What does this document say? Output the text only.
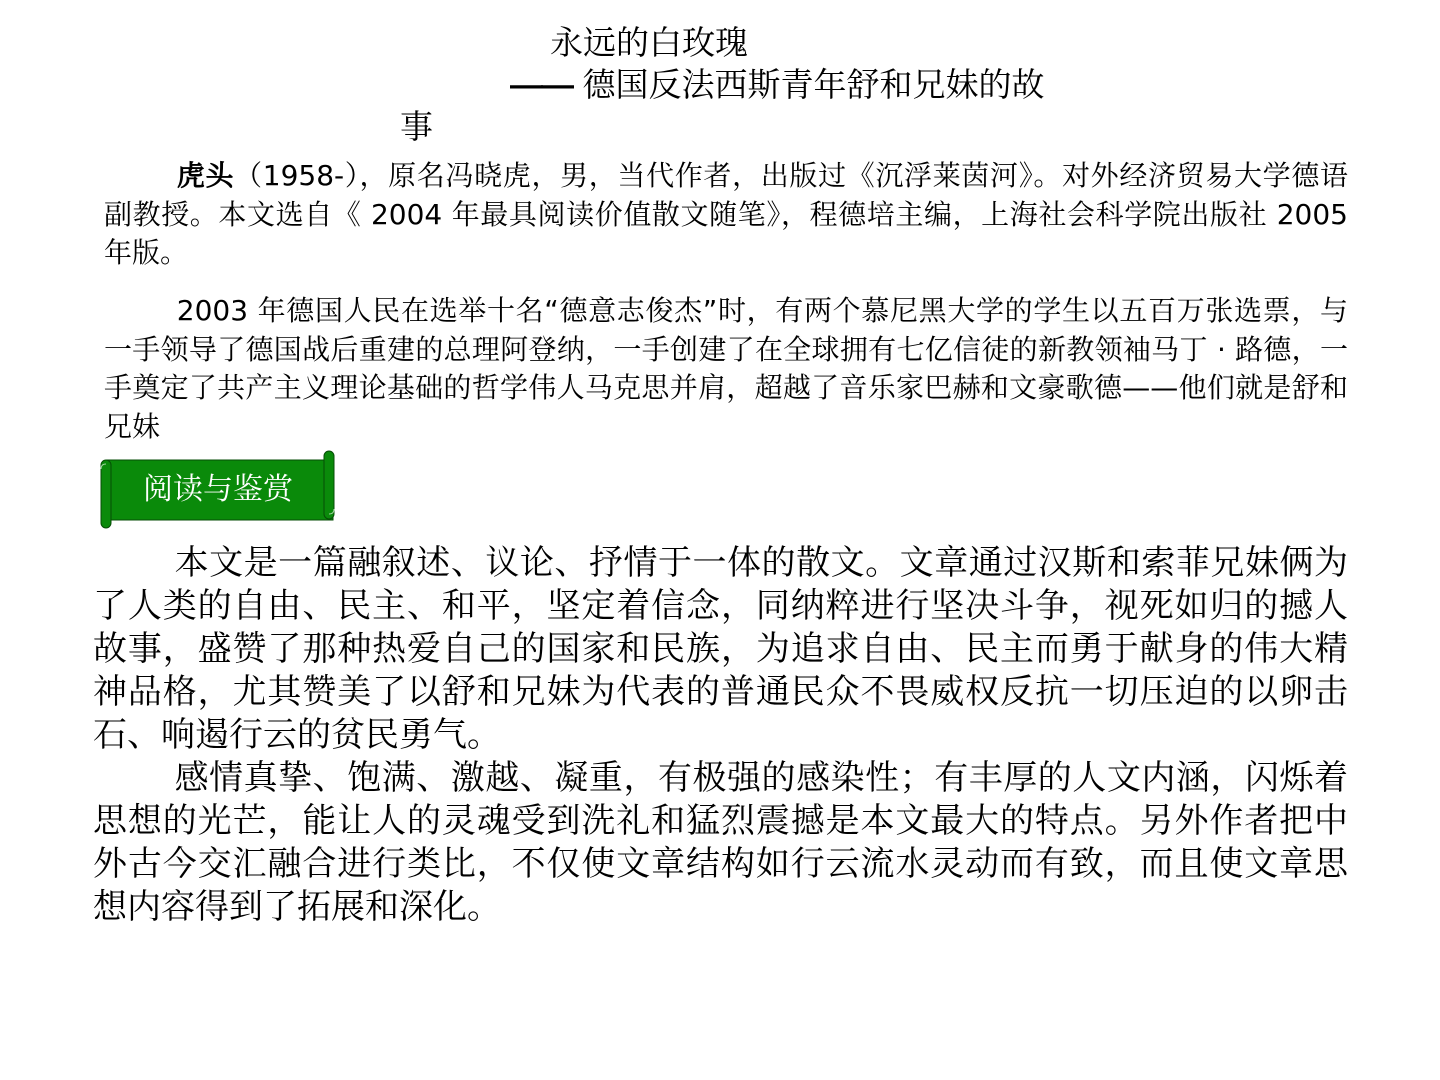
永远的白玫瑰
—— 德国反法西斯青年舒和兄妹的故
事
虎头（1958-），原名冯晓虎，男，当代作者，出版过《沉浮莱茵河》。对外经济贸易大学德语副教授。本文选自《 2004 年最具阅读价值散文随笔》，程德培主编，上海社会科学院出版社 2005 年版。
2003 年德国人民在选举十名“德意志俊杰”时，有两个慕尼黑大学的学生以五百万张选票，与一手领导了德国战后重建的总理阿登纳，一手创建了在全球拥有七亿信徒的新教领袖马丁 · 路德，一手奠定了共产主义理论基础的哲学伟人马克思并肩，超越了音乐家巴赫和文豪歌德——他们就是舒和兄妹
阅读与鉴赏
本文是一篇融叙述、议论、抒情于一体的散文。文章通过汉斯和索菲兄妹俩为了人类的自由、民主、和平，坚定着信念，同纳粹进行坚决斗争，视死如归的撼人故事，盛赞了那种热爱自己的国家和民族，为追求自由、民主而勇于献身的伟大精神品格，尤其赞美了以舒和兄妹为代表的普通民众不畏威权反抗一切压迫的以卵击石、响遏行云的贫民勇气。
感情真挚、饱满、激越、凝重，有极强的感染性；有丰厚的人文内涵，闪烁着思想的光芒，能让人的灵魂受到洗礼和猛烈震撼是本文最大的特点。另外作者把中外古今交汇融合进行类比，不仅使文章结构如行云流水灵动而有致，而且使文章思想内容得到了拓展和深化。
